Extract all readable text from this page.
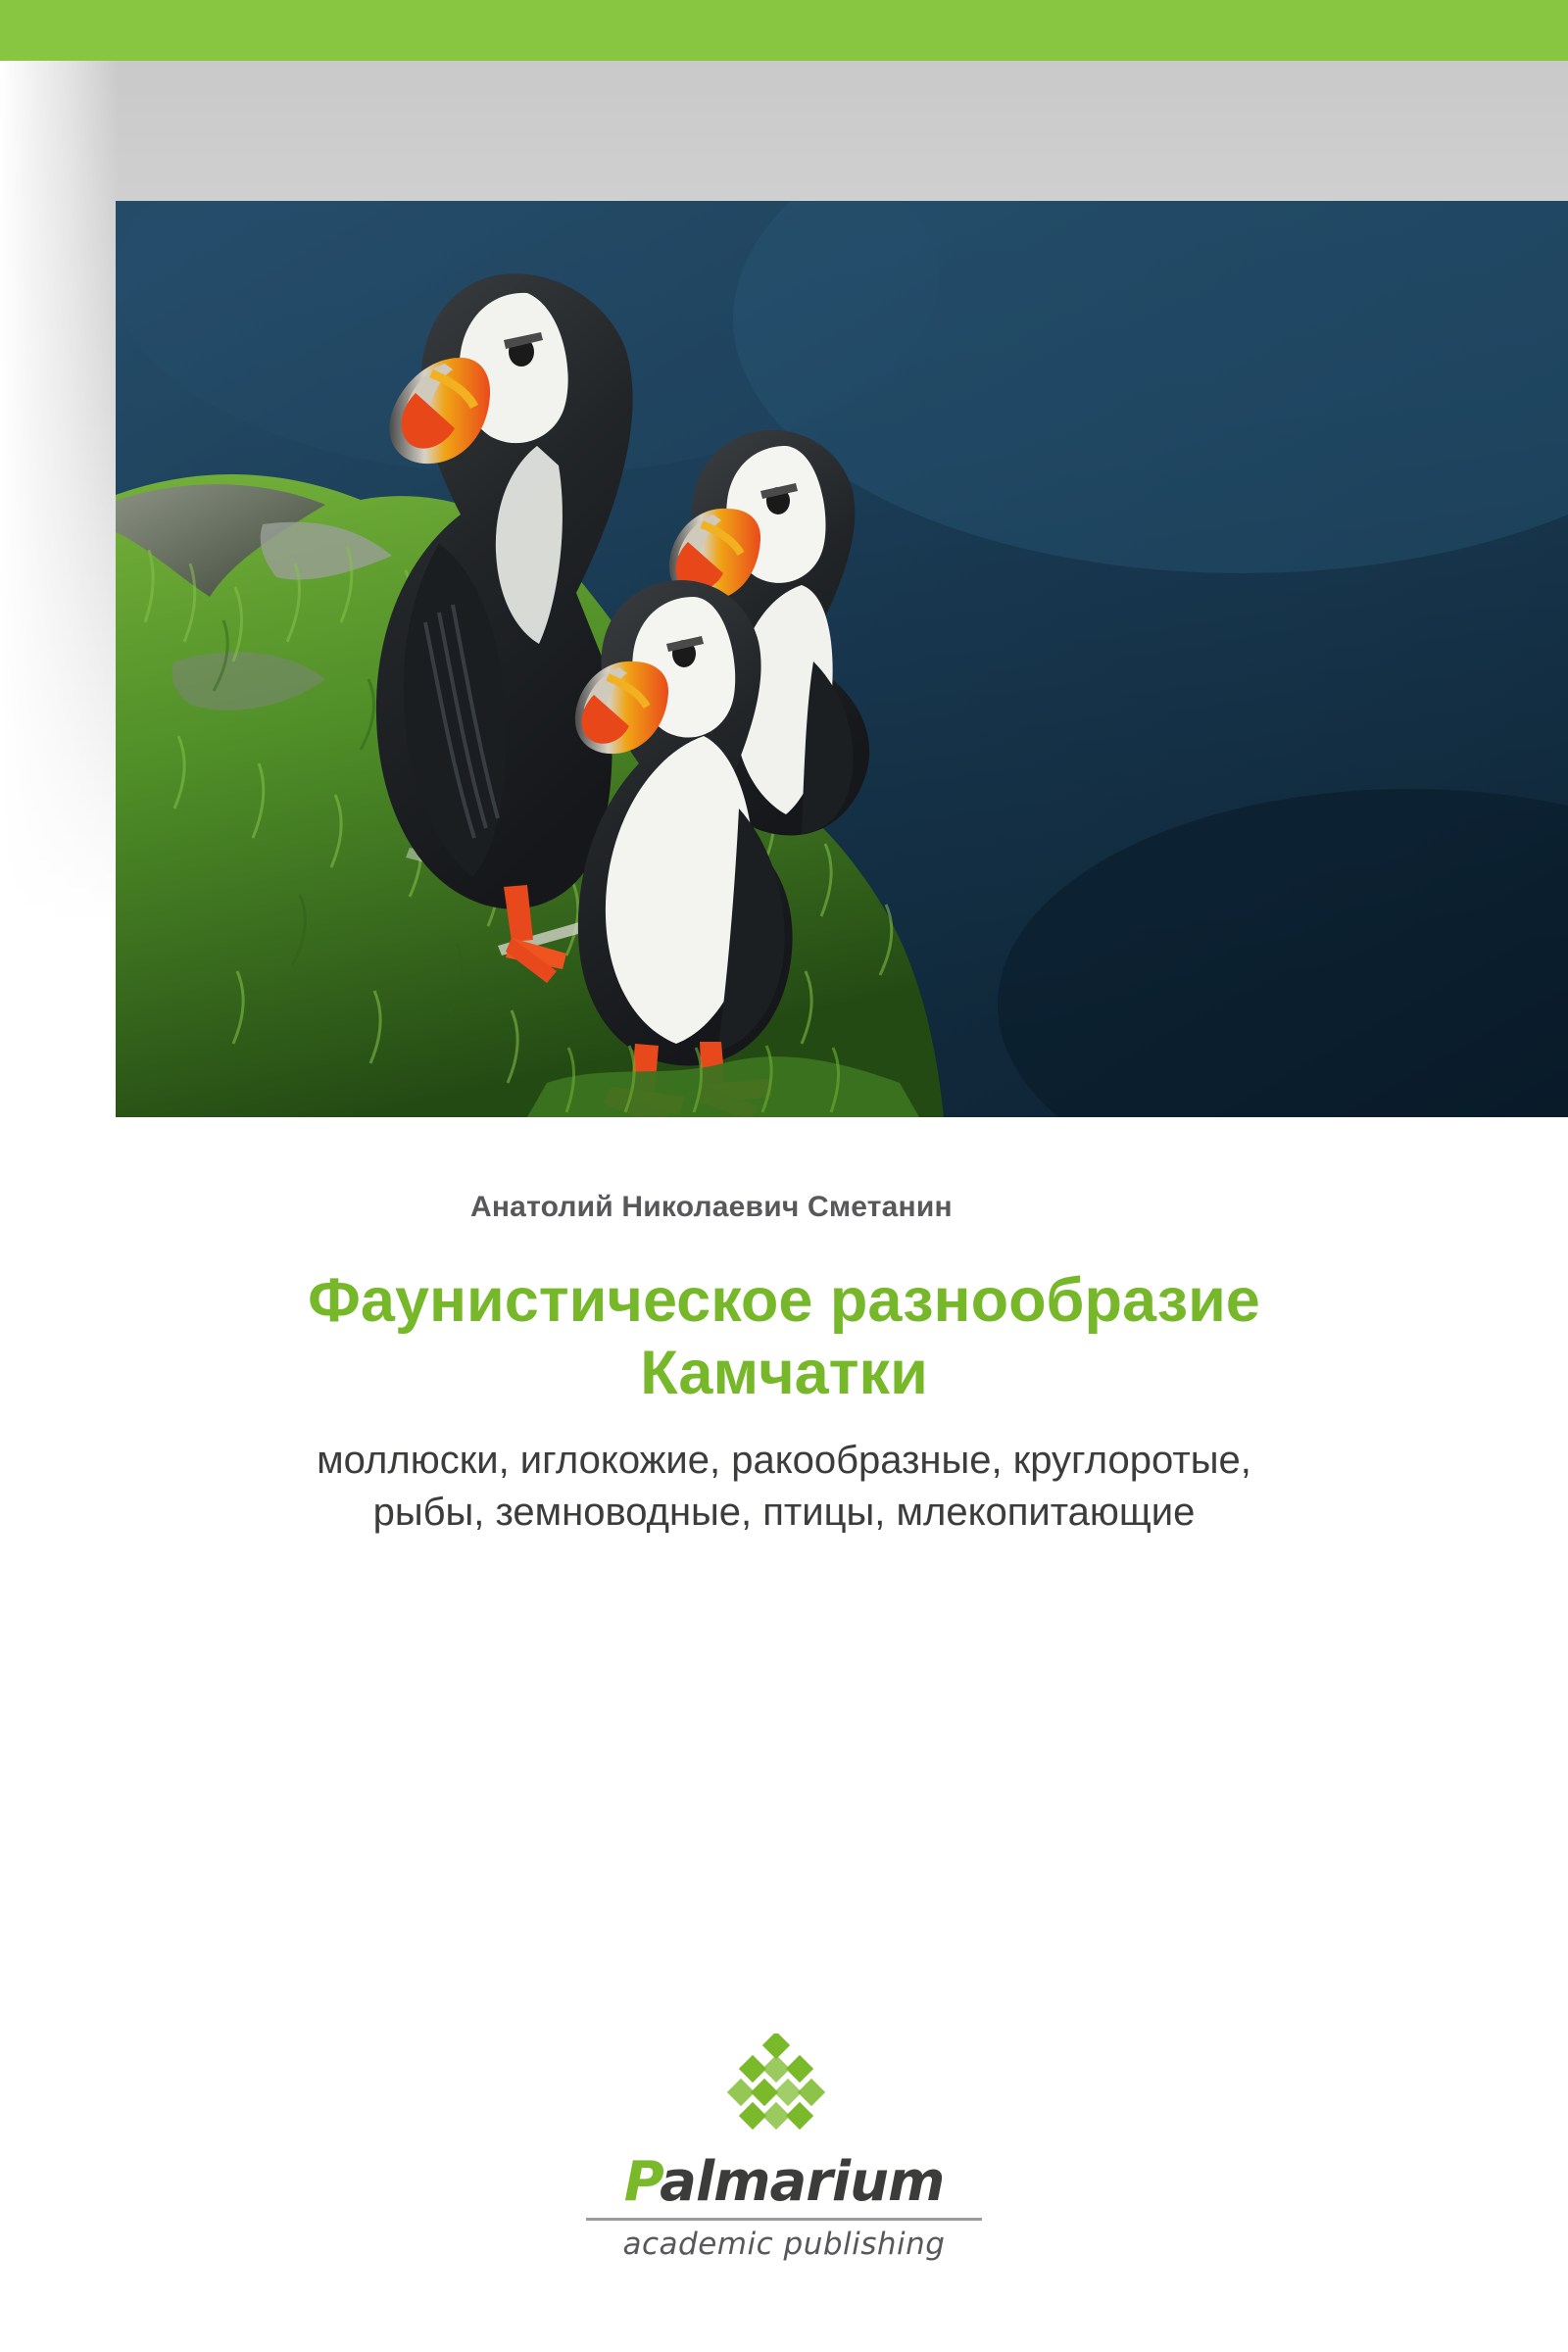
Анатолий Николаевич Сметанин
Фаунистическое разнообразие Камчатки
моллюски, иглокожие, ракообразные, круглоротые, рыбы, земноводные, птицы, млекопитающие
Palmarium
academic publishing
